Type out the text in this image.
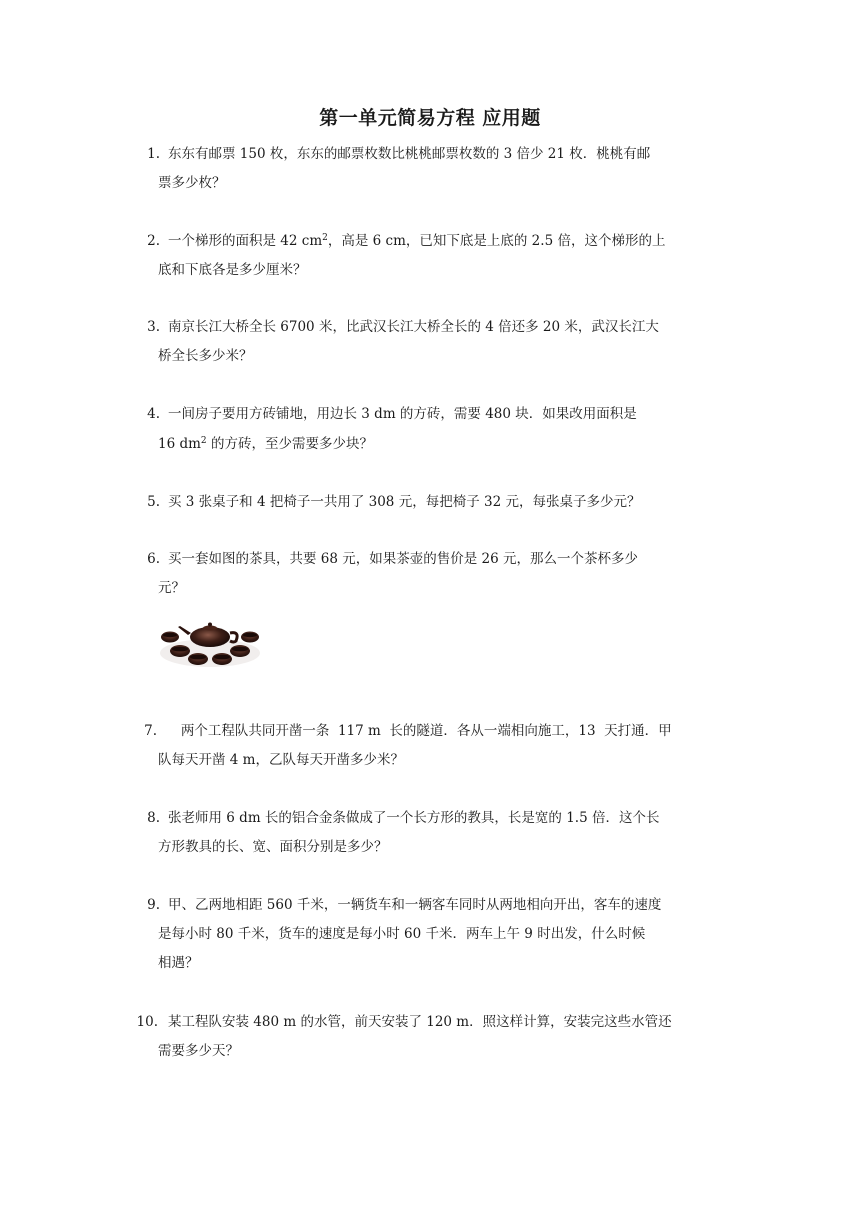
第一单元简易方程 应用题
1. 东东有邮票 150 枚，东东的邮票枚数比桃桃邮票枚数的 3 倍少 21 枚．桃桃有邮
票多少枚？
2. 一个梯形的面积是 42 $cm^2$，高是 6 cm，已知下底是上底的 2.5 倍，这个梯形的上
底和下底各是多少厘米？
3. 南京长江大桥全长 6700 米，比武汉长江大桥全长的 4 倍还多 20 米，武汉长江大
桥全长多少米？
4. 一间房子要用方砖铺地，用边长 3 dm 的方砖，需要 480 块．如果改用面积是
16 $dm^2$ 的方砖，至少需要多少块？
5. 买 3 张桌子和 4 把椅子一共用了 308 元，每把椅子 32 元，每张桌子多少元？
6. 买一套如图的茶具，共要 68 元，如果茶壶的售价是 26 元，那么一个茶杯多少
元？
7. 两个工程队共同开凿一条  117 m  长的隧道．各从一端相向施工，13  天打通．甲
队每天开凿 4 m，乙队每天开凿多少米？
8. 张老师用 6 dm 长的铝合金条做成了一个长方形的教具，长是宽的 1.5 倍．这个长
方形教具的长、宽、面积分别是多少？
9. 甲、乙两地相距 560 千米，一辆货车和一辆客车同时从两地相向开出，客车的速度
是每小时 80 千米，货车的速度是每小时 60 千米．两车上午 9 时出发，什么时候
相遇？
10. 某工程队安装 480 m 的水管，前天安装了 120 m．照这样计算，安装完这些水管还
需要多少天？
